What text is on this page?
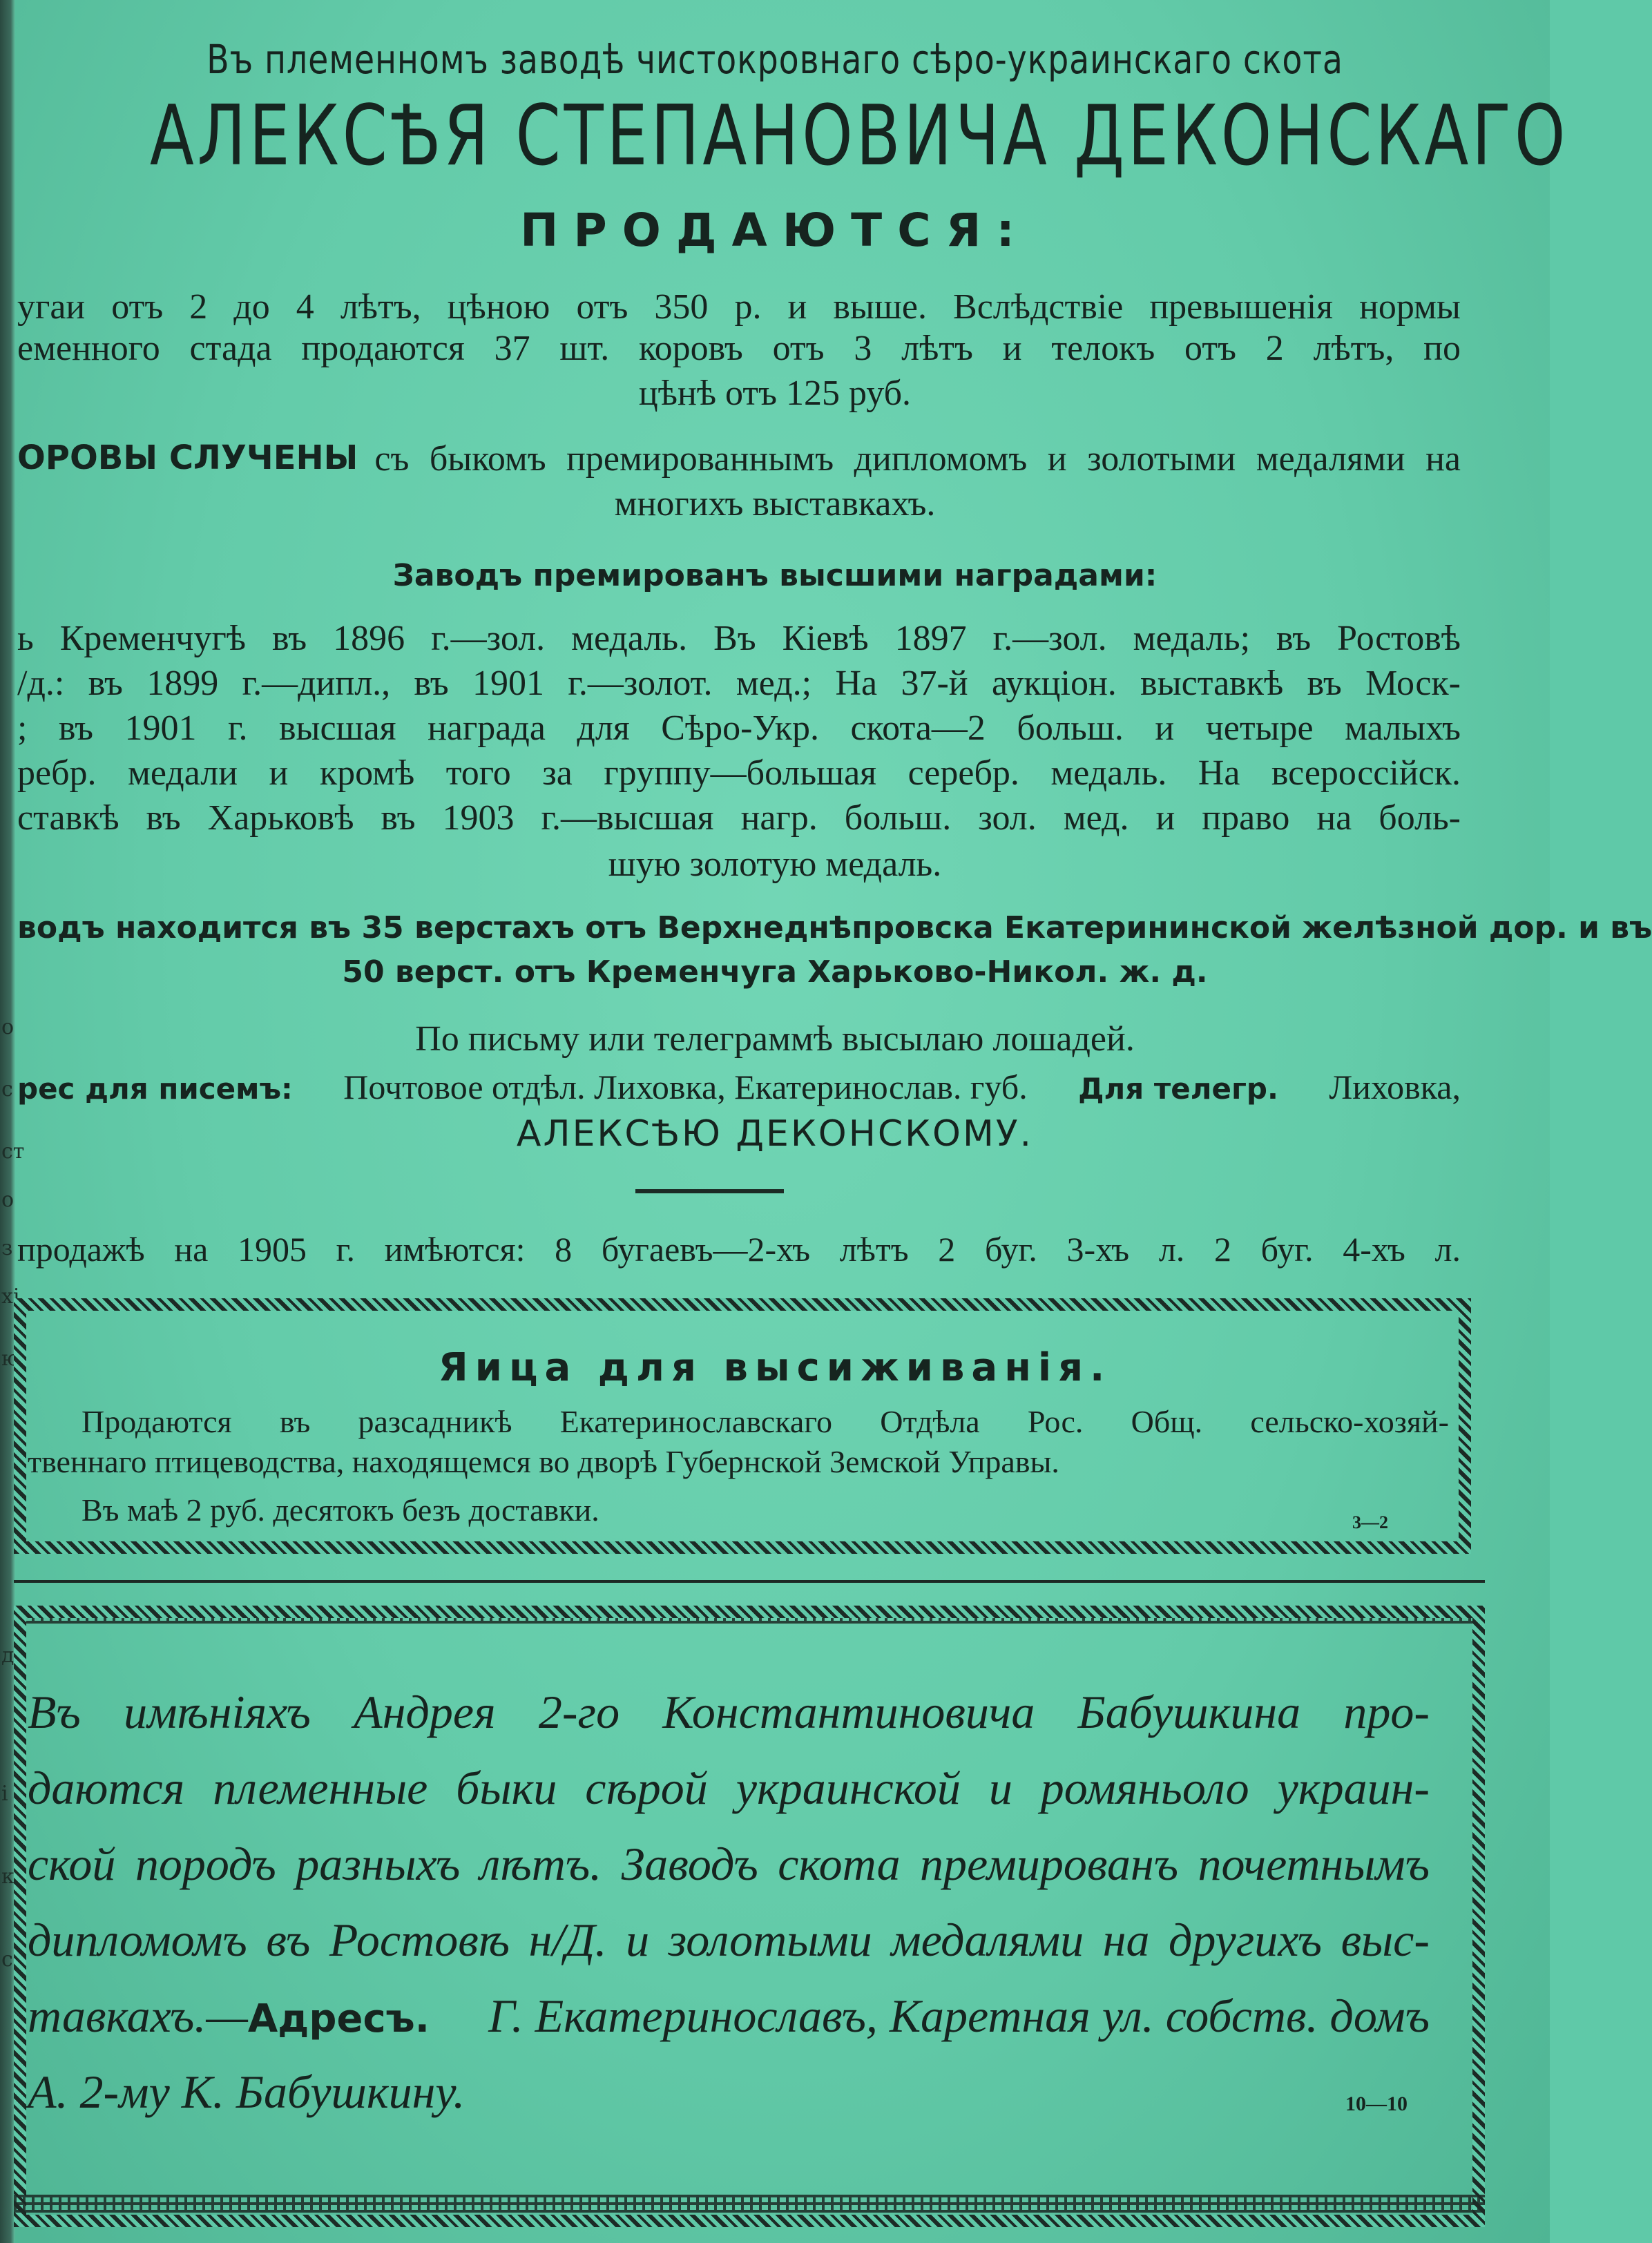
о
с
ст
о
з
хі
ю
д.
і
к
с
Въ племенномъ заводѣ чистокровнаго сѣро-украинскаго скота
АЛЕКСѢЯ СТЕПАНОВИЧА ДЕКОНСКАГО
ПРОДАЮТСЯ:
угаи отъ 2 до 4 лѣтъ, цѣною отъ 350 р. и выше. Вслѣдствіе превышенія нормы
еменного стада продаются 37 шт. коровъ отъ 3 лѣтъ и телокъ отъ 2 лѣтъ, по
цѣнѣ отъ 125 руб.
ОРОВЫ СЛУЧЕНЫ съ быкомъ премированнымъ дипломомъ и золотыми медалями на
многихъ выставкахъ.
Заводъ премированъ высшими наградами:
ь Кременчугѣ въ 1896 г.—зол. медаль. Въ Кіевѣ 1897 г.—зол. медаль; въ Ростовѣ
/д.: въ 1899 г.—дипл., въ 1901 г.—золот. мед.; На 37-й аукціон. выставкѣ въ Моск-
; въ 1901 г. высшая награда для Сѣро-Укр. скота—2 больш. и четыре малыхъ
ребр. медали и кромѣ того за группу—большая серебр. медаль. На всероссійск.
ставкѣ въ Харьковѣ въ 1903 г.—высшая нагр. больш. зол. мед. и право на боль-
шую золотую медаль.
водъ находится въ 35 верстахъ отъ Верхнеднѣпровска Екатерининской желѣзной дор. и въ
50 верст. отъ Кременчуга Харьково-Никол. ж. д.
По письму или телеграммѣ высылаю лошадей.
рес для писемъ: Почтовое отдѣл. Лиховка, Екатеринослав. губ. Для телегр. Лиховка,
АЛЕКСѢЮ ДЕКОНСКОМУ.
продажѣ на 1905 г. имѣются: 8 бугаевъ—2-хъ лѣтъ 2 буг. 3-хъ л. 2 буг. 4-хъ л.
Яица для высиживанія.
Продаются въ разсадникѣ Екатеринославскаго Отдѣла Рос. Общ. сельско-хозяй-
твеннаго птицеводства, находящемся во дворѣ Губернской Земской Управы.
Въ маѣ 2 руб. десятокъ безъ доставки.	3—2
Въ имѣніяхъ Андрея 2-го Константиновича Бабушкина про-
даются племенные быки сѣрой украинской и ромяньоло украин-
ской породъ разныхъ лѣтъ. Заводъ скота премированъ почетнымъ
дипломомъ въ Ростовѣ н/Д. и золотыми медалями на другихъ выс-
тавкахъ.—Адресъ. Г. Екатеринославъ, Каретная ул. собств. домъ
А. 2-му К. Бабушкину.	10—10
